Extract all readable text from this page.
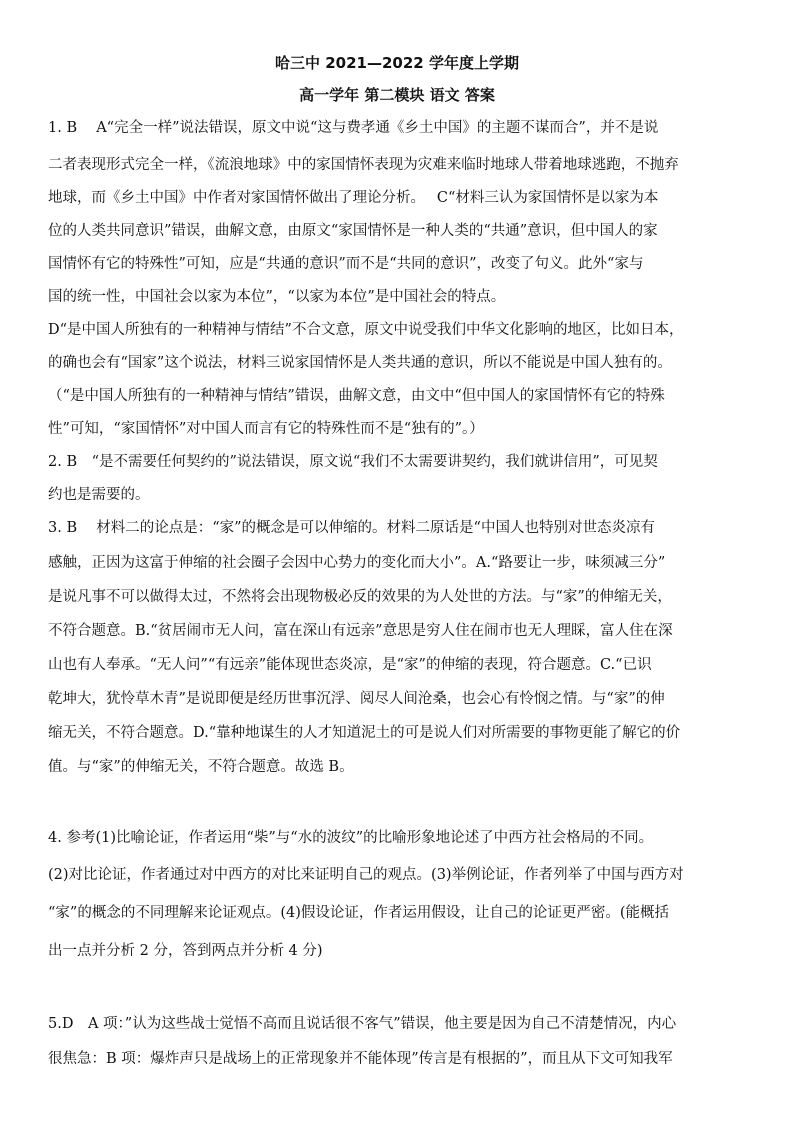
哈三中 2021—2022 学年度上学期
高一学年 第二模块 语文 答案
1. B　 A“完全一样”说法错误，原文中说“这与费孝通《乡土中国》的主题不谋而合”，并不是说
二者表现形式完全一样，《流浪地球》中的家国情怀表现为灾难来临时地球人带着地球逃跑，不抛弃
地球，而《乡土中国》中作者对家国情怀做出了理论分析。　 C“材料三认为家国情怀是以家为本
位的人类共同意识”错误，曲解文意，由原文“家国情怀是一种人类的“共通”意识，但中国人的家
国情怀有它的特殊性”可知，应是“共通的意识”而不是“共同的意识”，改变了句义。此外“家与
国的统一性，中国社会以家为本位”，“以家为本位”是中国社会的特点。
D“是中国人所独有的一种精神与情结”不合文意，原文中说受我们中华文化影响的地区，比如日本，
的确也会有“国家”这个说法，材料三说家国情怀是人类共通的意识，所以不能说是中国人独有的。
（“是中国人所独有的一种精神与情结”错误，曲解文意，由文中“但中国人的家国情怀有它的特殊
性”可知，“家国情怀”对中国人而言有它的特殊性而不是“独有的”。）
2. B　“是不需要任何契约的”说法错误，原文说“我们不太需要讲契约，我们就讲信用”，可见契
约也是需要的。
3. B　 材料二的论点是：“家”的概念是可以伸缩的。材料二原话是“中国人也特别对世态炎凉有
感触，正因为这富于伸缩的社会圈子会因中心势力的变化而大小”。A.“路要让一步，味须减三分”
是说凡事不可以做得太过，不然将会出现物极必反的效果的为人处世的方法。与“家”的伸缩无关，
不符合题意。B.“贫居闹市无人问，富在深山有远亲”意思是穷人住在闹市也无人理睬，富人住在深
山也有人奉承。“无人问”“有远亲”能体现世态炎凉，是“家”的伸缩的表现，符合题意。C.“已识
乾坤大，犹怜草木青”是说即便是经历世事沉浮、阅尽人间沧桑，也会心有怜悯之情。与“家”的伸
缩无关，不符合题意。D.“靠种地谋生的人才知道泥土的可是说人们对所需要的事物更能了解它的价
值。与“家”的伸缩无关，不符合题意。故选 B。
4. 参考(1)比喻论证，作者运用“柴”与“水的波纹”的比喻形象地论述了中西方社会格局的不同。
(2)对比论证，作者通过对中西方的对比来证明自己的观点。(3)举例论证，作者列举了中国与西方对
“家”的概念的不同理解来论证观点。(4)假设论证，作者运用假设，让自己的论证更严密。(能概括
出一点并分析 2 分，答到两点并分析 4 分)
5.D　A 项：”认为这些战士觉悟不高而且说话很不客气”错误，他主要是因为自己不清楚情况，内心
很焦急：B 项：爆炸声只是战场上的正常现象并不能体现”传言是有根据的”，而且从下文可知我军
